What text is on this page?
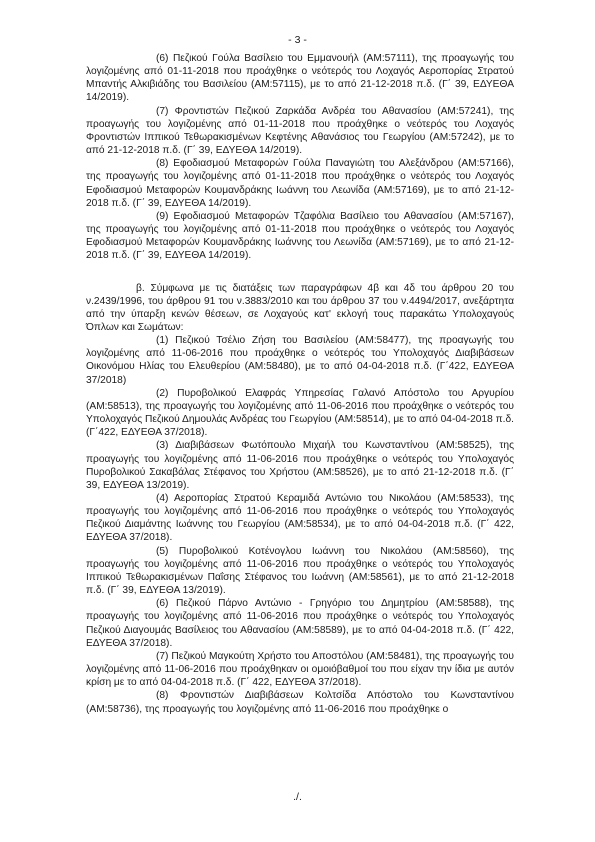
- 3 -

(6) Πεζικού Γούλα Βασίλειο του Εμμανουήλ (ΑΜ:57111), της προαγωγής του λογιζομένης από 01-11-2018 που προάχθηκε ο νεότερός του Λοχαγός Αεροπορίας Στρατού Μπαντής Αλκιβιάδης του Βασιλείου (ΑΜ:57115), με το από 21-12-2018 π.δ. (Γ΄ 39, ΕΔΥΕΘΑ 14/2019).

(7) Φροντιστών Πεζικού Ζαρκάδα Ανδρέα του Αθανασίου (ΑΜ:57241), της προαγωγής του λογιζομένης από 01-11-2018 που προάχθηκε ο νεότερός του Λοχαγός Φροντιστών Ιππικού Τεθωρακισμένων Κεφτένης Αθανάσιος του Γεωργίου (ΑΜ:57242), με το από 21-12-2018 π.δ. (Γ΄ 39, ΕΔΥΕΘΑ 14/2019).

(8) Εφοδιασμού Μεταφορών Γούλα Παναγιώτη του Αλεξάνδρου (ΑΜ:57166), της προαγωγής του λογιζομένης από 01-11-2018 που προάχθηκε ο νεότερός του Λοχαγός Εφοδιασμού Μεταφορών Κουμανδράκης Ιωάννη του Λεωνίδα (ΑΜ:57169), με το από 21-12-2018 π.δ. (Γ΄ 39, ΕΔΥΕΘΑ 14/2019).

(9) Εφοδιασμού Μεταφορών Τζαφόλια Βασίλειο του Αθανασίου (ΑΜ:57167), της προαγωγής του λογιζομένης από 01-11-2018 που προάχθηκε ο νεότερός του Λοχαγός Εφοδιασμού Μεταφορών Κουμανδράκης Ιωάννης του Λεωνίδα (ΑΜ:57169), με το από 21-12-2018 π.δ. (Γ΄ 39, ΕΔΥΕΘΑ 14/2019).

β. Σύμφωνα με τις διατάξεις των παραγράφων 4β και 4δ του άρθρου 20 του ν.2439/1996, του άρθρου 91 του ν.3883/2010 και του άρθρου 37 του ν.4494/2017, ανεξάρτητα από την ύπαρξη κενών θέσεων, σε Λοχαγούς κατ' εκλογή τους παρακάτω Υπολοχαγούς Όπλων και Σωμάτων:

(1) Πεζικού Τσέλιο Ζήση του Βασιλείου (ΑΜ:58477), της προαγωγής του λογιζομένης από 11-06-2016 που προάχθηκε ο νεότερός του Υπολοχαγός Διαβιβάσεων Οικονόμου Ηλίας του Ελευθερίου (ΑΜ:58480), με το από 04-04-2018 π.δ. (Γ΄422, ΕΔΥΕΘΑ 37/2018)

(2) Πυροβολικού Ελαφράς Υπηρεσίας Γαλανό Απόστολο του Αργυρίου (ΑΜ:58513), της προαγωγής του λογιζομένης από 11-06-2016 που προάχθηκε ο νεότερός του Υπολοχαγός Πεζικού Δημουλάς Ανδρέας του Γεωργίου (ΑΜ:58514), με το από 04-04-2018 π.δ. (Γ΄422, ΕΔΥΕΘΑ 37/2018).

(3) Διαβιβάσεων Φωτόπουλο Μιχαήλ του Κωνσταντίνου (ΑΜ:58525), της προαγωγής του λογιζομένης από 11-06-2016 που προάχθηκε ο νεότερός του Υπολοχαγός Πυροβολικού Σακαβάλας Στέφανος του Χρήστου (ΑΜ:58526), με το από 21-12-2018 π.δ. (Γ΄ 39, ΕΔΥΕΘΑ 13/2019).

(4) Αεροπορίας Στρατού Κεραμιδά Αντώνιο του Νικολάου (ΑΜ:58533), της προαγωγής του λογιζομένης από 11-06-2016 που προάχθηκε ο νεότερός του Υπολοχαγός Πεζικού Διαμάντης Ιωάννης του Γεωργίου (ΑΜ:58534), με το από 04-04-2018 π.δ. (Γ΄ 422, ΕΔΥΕΘΑ 37/2018).

(5) Πυροβολικού Κοτένογλου Ιωάννη του Νικολάου (ΑΜ:58560), της προαγωγής του λογιζομένης από 11-06-2016 που προάχθηκε ο νεότερός του Υπολοχαγός Ιππικού Τεθωρακισμένων Παΐσης Στέφανος του Ιωάννη (ΑΜ:58561), με το από 21-12-2018 π.δ. (Γ΄ 39, ΕΔΥΕΘΑ 13/2019).

(6) Πεζικού Πάρνο Αντώνιο - Γρηγόριο του Δημητρίου (ΑΜ:58588), της προαγωγής του λογιζομένης από 11-06-2016 που προάχθηκε ο νεότερός του Υπολοχαγός Πεζικού Διαγουμάς Βασίλειος του Αθανασίου (ΑΜ:58589), με το από 04-04-2018 π.δ. (Γ΄ 422, ΕΔΥΕΘΑ 37/2018).

(7) Πεζικού Μαγκούτη Χρήστο του Αποστόλου (ΑΜ:58481), της προαγωγής του λογιζομένης από 11-06-2016 που προάχθηκαν οι ομοιόβαθμοί του που είχαν την ίδια με αυτόν κρίση με το από 04-04-2018 π.δ. (Γ΄ 422, ΕΔΥΕΘΑ 37/2018).

(8) Φροντιστών Διαβιβάσεων Κολτσίδα Απόστολο του Κωνσταντίνου (ΑΜ:58736), της προαγωγής του λογιζομένης από 11-06-2016 που προάχθηκε ο

./.
